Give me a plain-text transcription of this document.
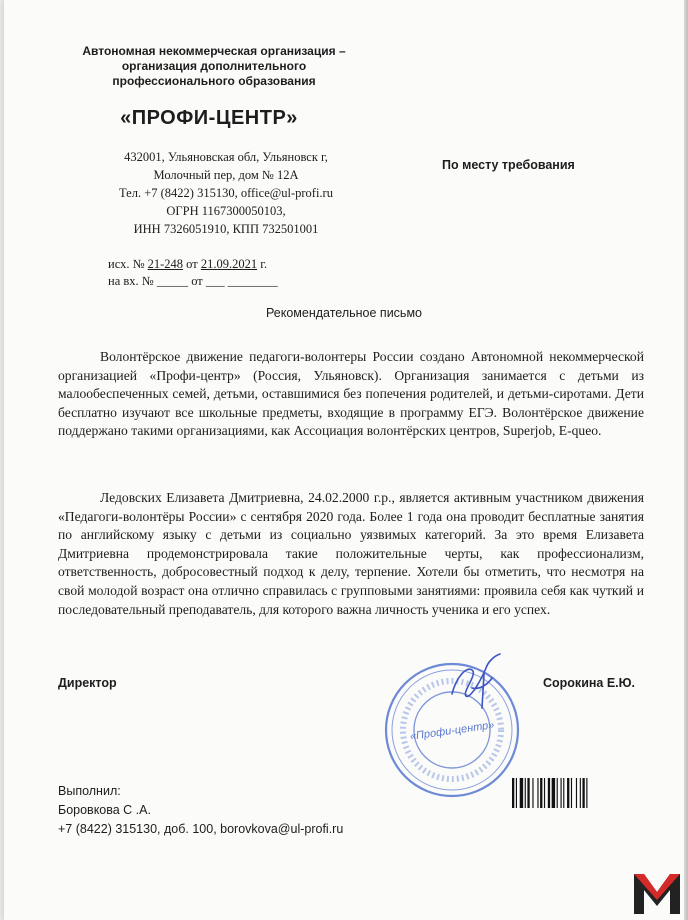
Автономная некоммерческая организация –
организация дополнительного
профессионального образования
«ПРОФИ-ЦЕНТР»
432001, Ульяновская обл, Ульяновск г,
Молочный пер, дом № 12А
Тел. +7 (8422) 315130, office@ul-profi.ru
ОГРН 1167300050103,
ИНН 7326051910, КПП 732501001
По месту требования
исх. № 21-248 от 21.09.2021 г.
на вх. № _____ от ___ ________
Рекомендательное письмо
Волонтёрское движение педагоги-волонтеры России создано Автономной некоммерческой организацией «Профи-центр» (Россия, Ульяновск). Организация занимается с детьми из малообеспеченных семей, детьми, оставшимися без попечения родителей, и детьми-сиротами. Дети бесплатно изучают все школьные предметы, входящие в программу ЕГЭ. Волонтёрское движение поддержано такими организациями, как Ассоциация волонтёрских центров, Superjob, E-queo.
Ледовских Елизавета Дмитриевна, 24.02.2000 г.р., является активным участником движения «Педагоги-волонтёры России» с сентября 2020 года. Более 1 года она проводит бесплатные занятия по английскому языку с детьми из социально уязвимых категорий. За это время Елизавета Дмитриевна продемонстрировала такие положительные черты, как профессионализм, ответственность, добросовестный подход к делу, терпение. Хотели бы отметить, что несмотря на свой молодой возраст она отлично справилась с групповыми занятиями: проявила себя как чуткий и последовательный преподаватель, для которого важна личность ученика и его успех.
Директор	Сорокина Е.Ю.
«Профи-центр»
Выполнил:
Боровкова С .А.
+7 (8422) 315130, доб. 100, borovkova@ul-profi.ru
